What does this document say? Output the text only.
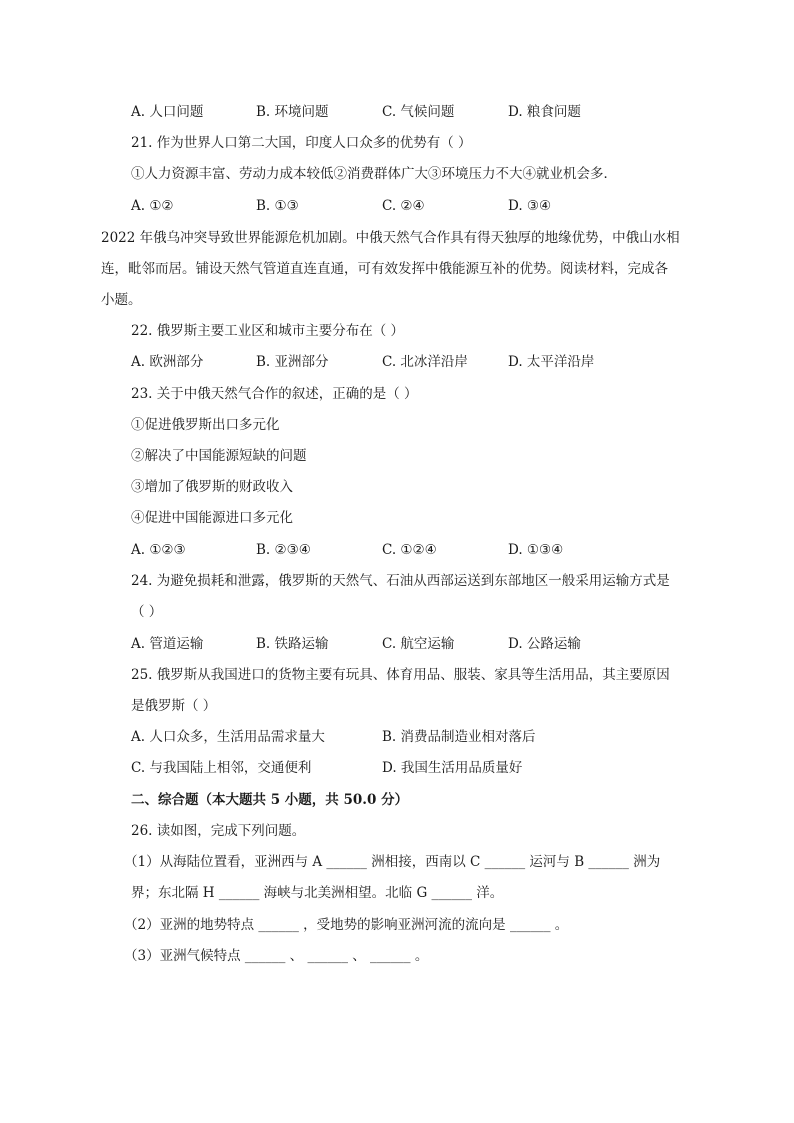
A. 人口问题	B. 环境问题	C. 气候问题	D. 粮食问题
21. 作为世界人口第二大国，印度人口众多的优势有（ ）
①人力资源丰富、劳动力成本较低②消费群体广大③环境压力不大④就业机会多．
A. ①②	B. ①③	C. ②④	D. ③④
2022 年俄乌冲突导致世界能源危机加剧。中俄天然气合作具有得天独厚的地缘优势，中俄山水相
连，毗邻而居。铺设天然气管道直连直通，可有效发挥中俄能源互补的优势。阅读材料，完成各
小题。
22. 俄罗斯主要工业区和城市主要分布在（ ）
A. 欧洲部分	B. 亚洲部分	C. 北冰洋沿岸	D. 太平洋沿岸
23. 关于中俄天然气合作的叙述，正确的是（ ）
①促进俄罗斯出口多元化
②解决了中国能源短缺的问题
③增加了俄罗斯的财政收入
④促进中国能源进口多元化
A. ①②③	B. ②③④	C. ①②④	D. ①③④
24. 为避免损耗和泄露，俄罗斯的天然气、石油从西部运送到东部地区一般采用运输方式是
（ ）
A. 管道运输	B. 铁路运输	C. 航空运输	D. 公路运输
25. 俄罗斯从我国进口的货物主要有玩具、体育用品、服装、家具等生活用品，其主要原因
是俄罗斯（ ）
A. 人口众多，生活用品需求量大	B. 消费品制造业相对落后
C. 与我国陆上相邻，交通便利	D. 我国生活用品质量好
二、综合题（本大题共 5 小题，共 50.0 分）
26. 读如图，完成下列问题。
（1）从海陆位置看，亚洲西与 A ______ 洲相接，西南以 C ______ 运河与 B ______ 洲为
界；东北隔 H ______ 海峡与北美洲相望。北临 G ______ 洋。
（2）亚洲的地势特点 ______ ，受地势的影响亚洲河流的流向是 ______ 。
（3）亚洲气候特点 ______ 、 ______ 、 ______ 。
